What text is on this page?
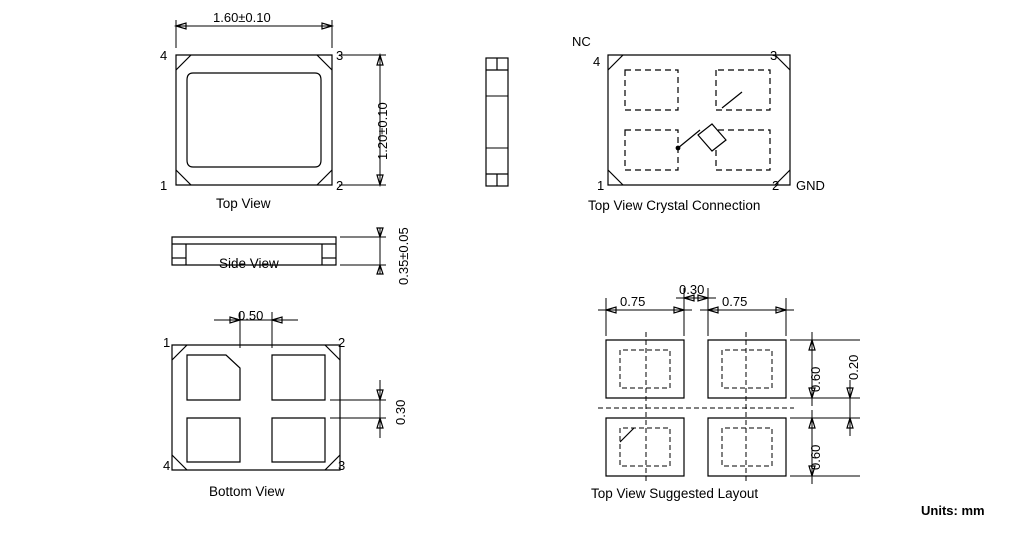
1.60±0.10
1.20±0.10
4	3
1	2
Top View
0.35±0.05
Side View
0.50
0.30
1	2
4	3
Bottom View
NC
GND
4	3
1	2
Top View Crystal Connection
0.75
0.30
0.75
0.60 0.20
0.60
Top View Suggested Layout
Units: mm
